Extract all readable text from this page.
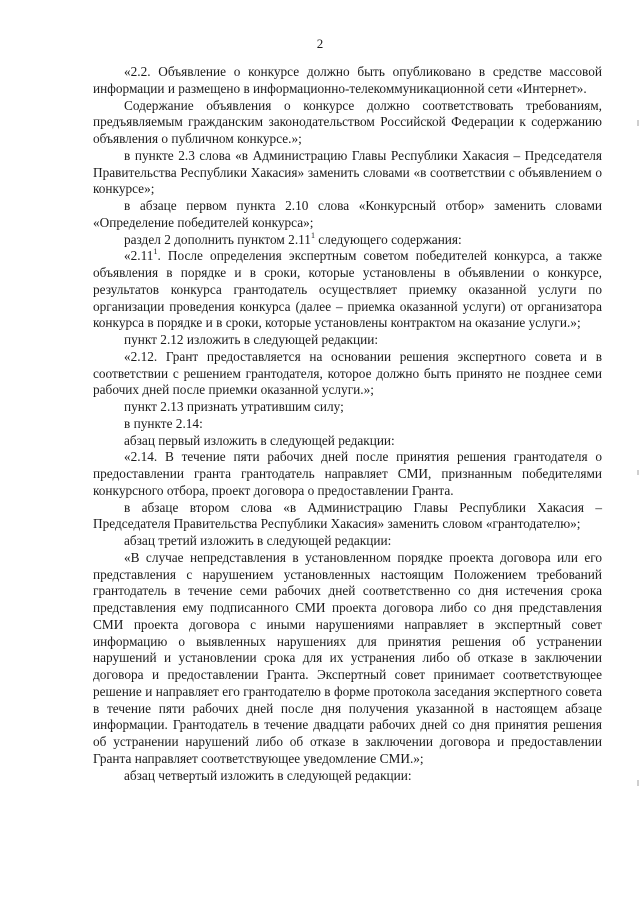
2

«2.2. Объявление о конкурсе должно быть опубликовано в средстве массовой информации и размещено в информационно-телекоммуникационной сети «Интернет».

Содержание объявления о конкурсе должно соответствовать требованиям, предъявляемым гражданским законодательством Российской Федерации к содержанию объявления о публичном конкурсе.»;

в пункте 2.3 слова «в Администрацию Главы Республики Хакасия – Председателя Правительства Республики Хакасия» заменить словами «в соответствии с объявлением о конкурсе»;

в абзаце первом пункта 2.10 слова «Конкурсный отбор» заменить словами «Определение победителей конкурса»;

раздел 2 дополнить пунктом 2.11$^1$ следующего содержания:

«2.11$^1$. После определения экспертным советом победителей конкурса, а также объявления в порядке и в сроки, которые установлены в объявлении о конкурсе, результатов конкурса грантодатель осуществляет приемку оказанной услуги по организации проведения конкурса (далее – приемка оказанной услуги) от организатора конкурса в порядке и в сроки, которые установлены контрактом на оказание услуги.»;

пункт 2.12 изложить в следующей редакции:

«2.12. Грант предоставляется на основании решения экспертного совета и в соответствии с решением грантодателя, которое должно быть принято не позднее семи рабочих дней после приемки оказанной услуги.»;

пункт 2.13 признать утратившим силу;

в пункте 2.14:

абзац первый изложить в следующей редакции:

«2.14. В течение пяти рабочих дней после принятия решения грантодателя о предоставлении гранта грантодатель направляет СМИ, признанным победителями конкурсного отбора, проект договора о предоставлении Гранта.

в абзаце втором слова «в Администрацию Главы Республики Хакасия – Председателя Правительства Республики Хакасия» заменить словом «грантодателю»;

абзац третий изложить в следующей редакции:

«В случае непредставления в установленном порядке проекта договора или его представления с нарушением установленных настоящим Положением требований грантодатель в течение семи рабочих дней соответственно со дня истечения срока представления ему подписанного СМИ проекта договора либо со дня представления СМИ проекта договора с иными нарушениями направляет в экспертный совет информацию о выявленных нарушениях для принятия решения об устранении нарушений и установлении срока для их устранения либо об отказе в заключении договора и предоставлении Гранта. Экспертный совет принимает соответствующее решение и направляет его грантодателю в форме протокола заседания экспертного совета в течение пяти рабочих дней после дня получения указанной в настоящем абзаце информации. Грантодатель в течение двадцати рабочих дней со дня принятия решения об устранении нарушений либо об отказе в заключении договора и предоставлении Гранта направляет соответствующее уведомление СМИ.»;

абзац четвертый изложить в следующей редакции:
